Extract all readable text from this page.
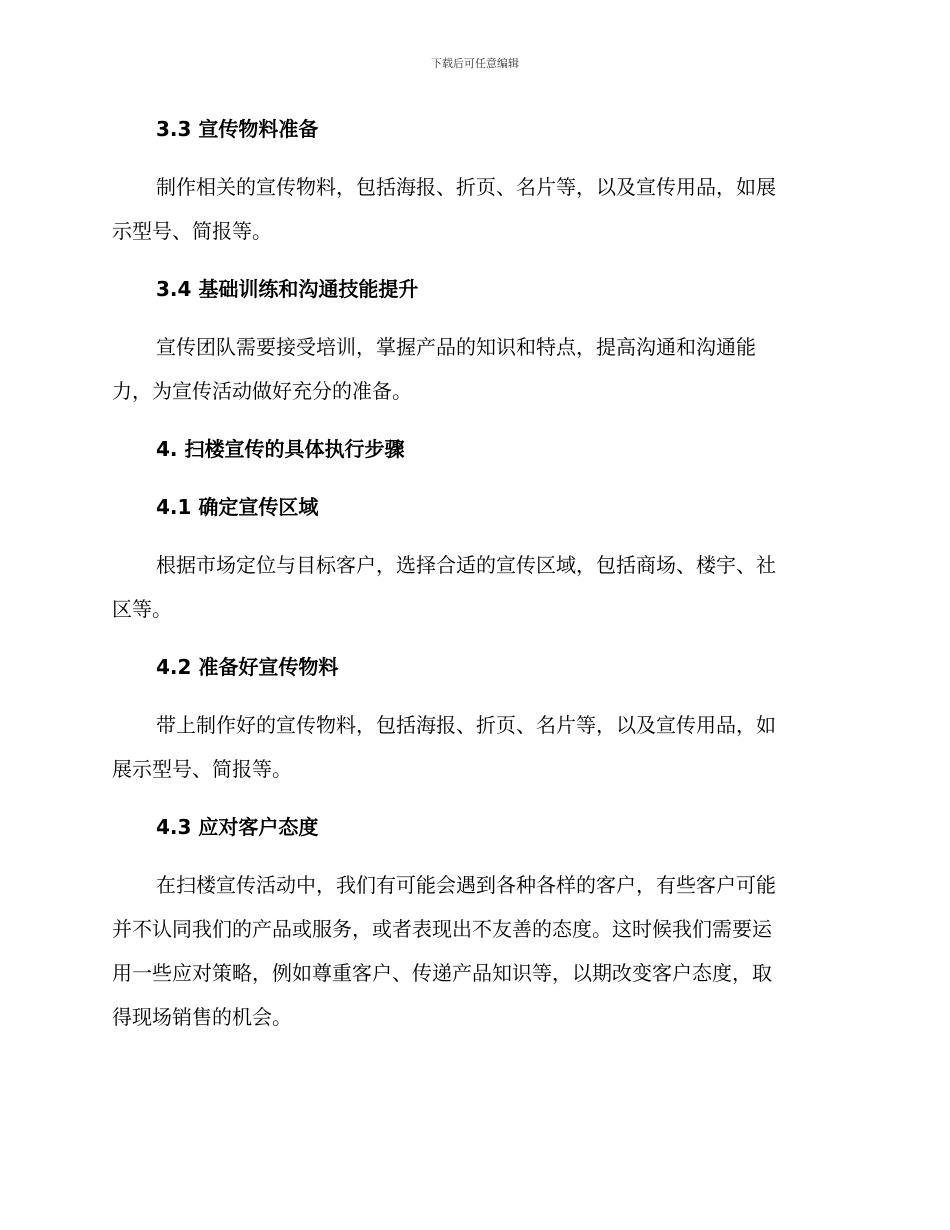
下载后可任意编辑
3.3 宣传物料准备
制作相关的宣传物料，包括海报、折页、名片等，以及宣传用品，如展
示型号、简报等。
3.4 基础训练和沟通技能提升
宣传团队需要接受培训，掌握产品的知识和特点，提高沟通和沟通能
力，为宣传活动做好充分的准备。
4. 扫楼宣传的具体执行步骤
4.1 确定宣传区域
根据市场定位与目标客户，选择合适的宣传区域，包括商场、楼宇、社
区等。
4.2 准备好宣传物料
带上制作好的宣传物料，包括海报、折页、名片等，以及宣传用品，如
展示型号、简报等。
4.3 应对客户态度
在扫楼宣传活动中，我们有可能会遇到各种各样的客户，有些客户可能
并不认同我们的产品或服务，或者表现出不友善的态度。这时候我们需要运
用一些应对策略，例如尊重客户、传递产品知识等，以期改变客户态度，取
得现场销售的机会。
